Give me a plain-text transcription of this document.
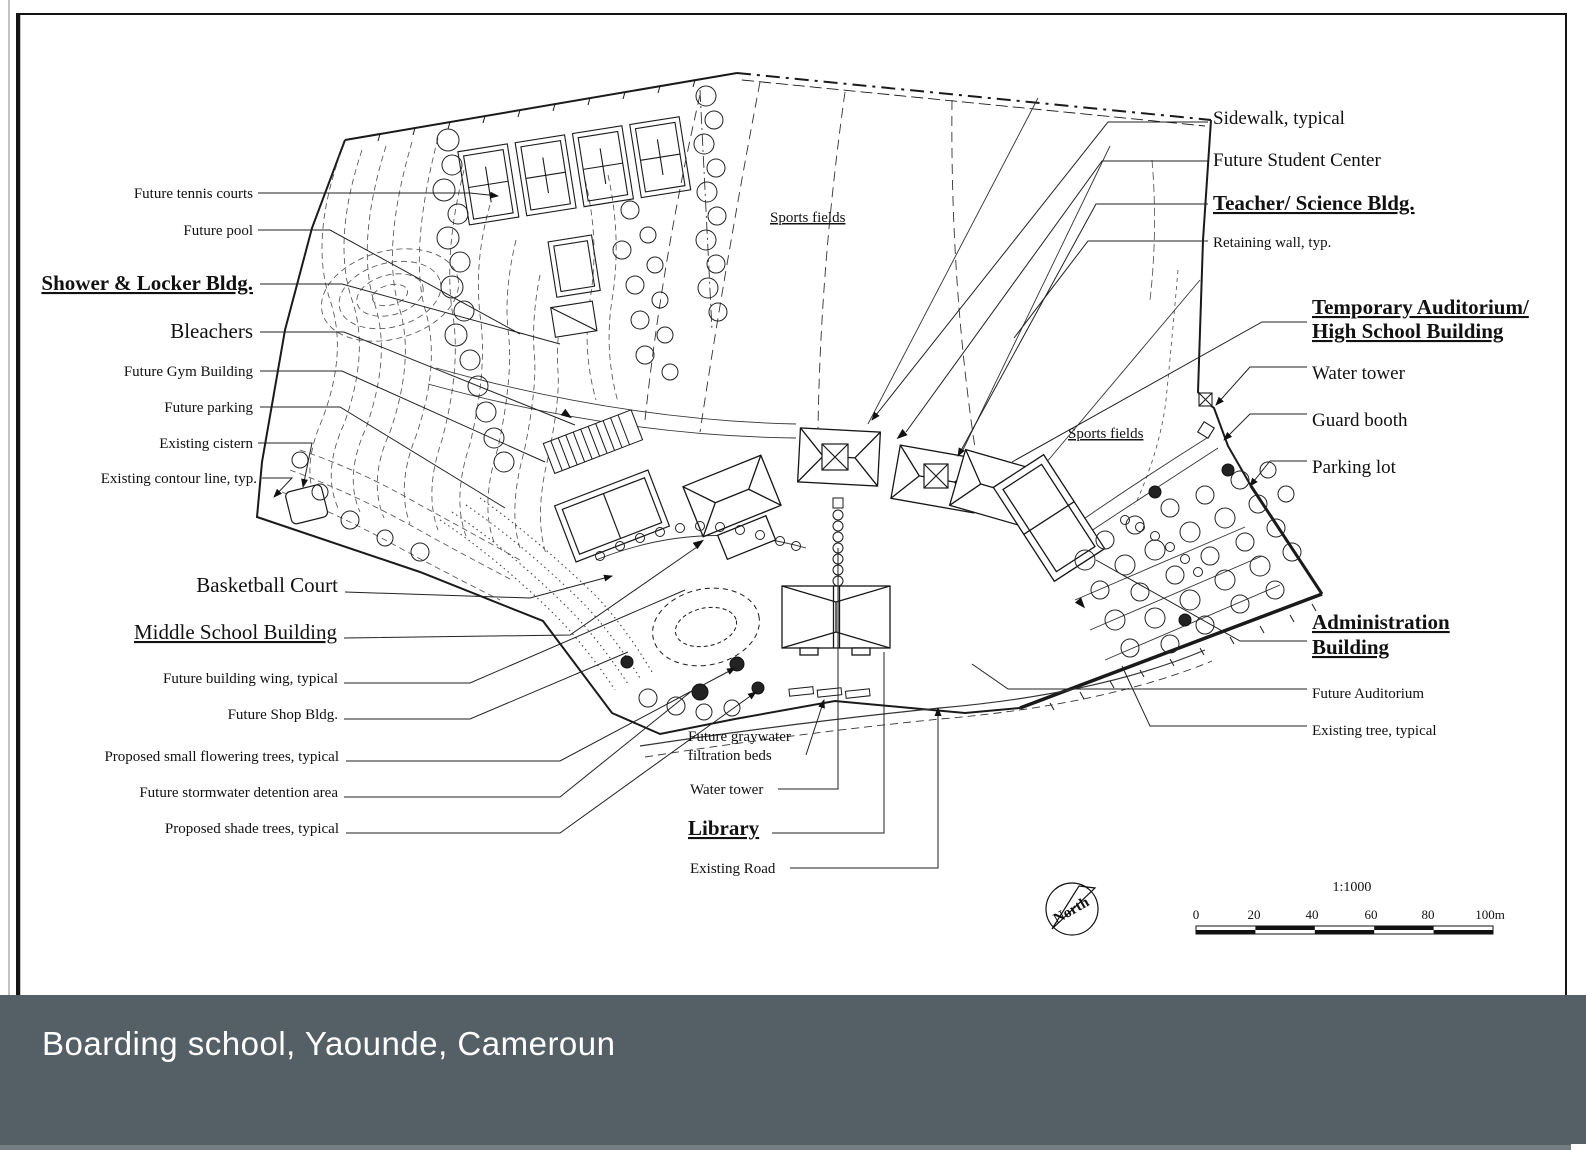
Future tennis courts
Future pool
Shower & Locker Bldg.
Bleachers
Future Gym Building
Future parking
Existing cistern
Existing contour line, typ.
Basketball Court
Middle School Building
Future building wing, typical
Future Shop Bldg.
Proposed small flowering trees, typical
Future stormwater detention area
Proposed shade trees, typical
Sidewalk, typical
Future Student Center
Teacher/ Science Bldg.
Retaining wall, typ.
Temporary Auditorium/
High School Building
Water tower
Guard booth
Parking lot
Administration
Building
Future Auditorium
Existing tree, typical
Future graywater
filtration beds
Water tower
Library
Existing Road
Sports fields
Sports fields
North
1:1000
0	20	40	60	80	100m
Boarding school, Yaounde, Cameroun
